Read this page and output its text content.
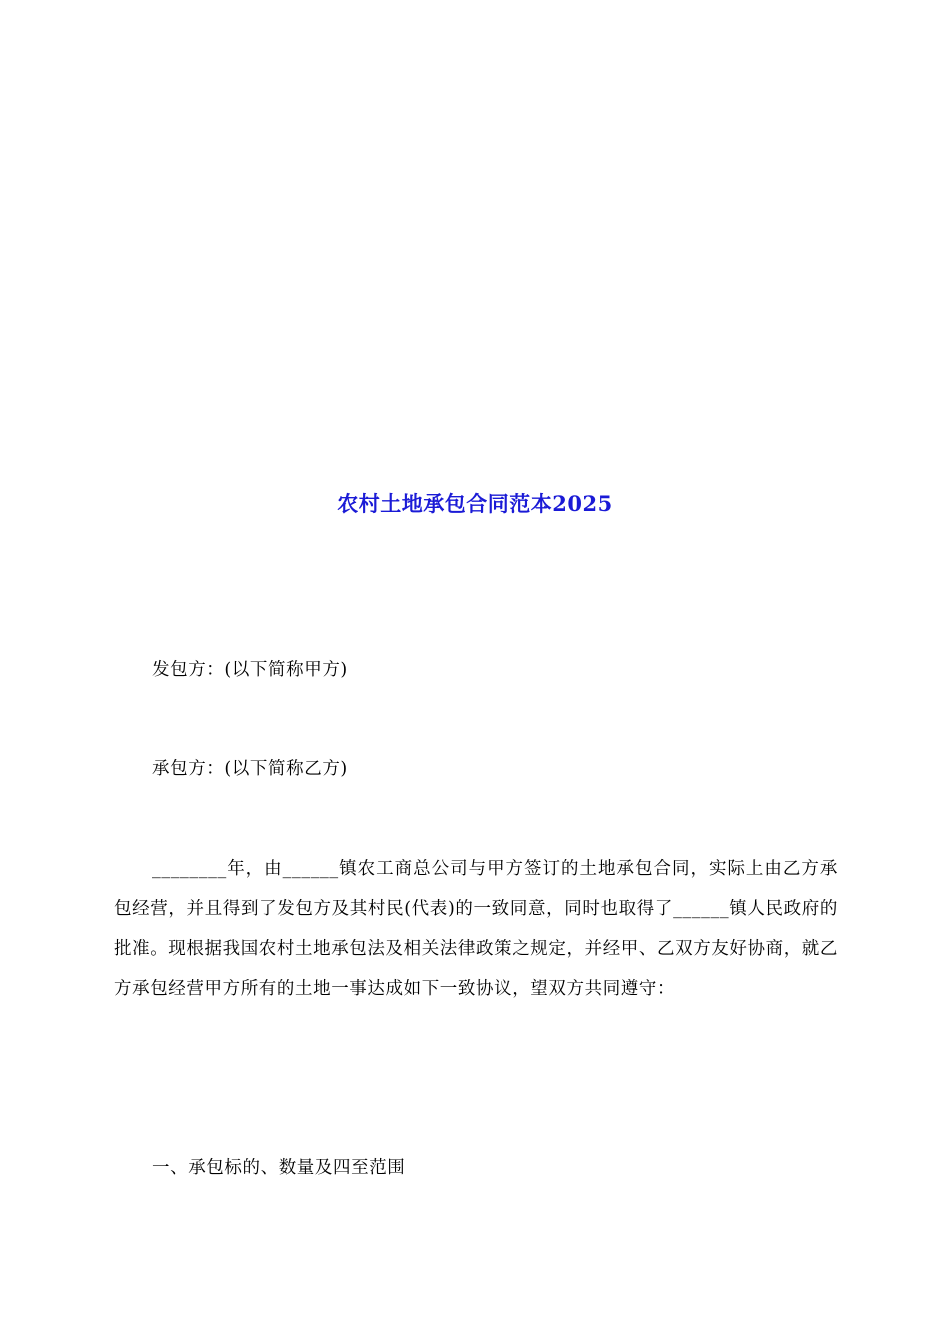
农村土地承包合同范本2025
发包方：(以下简称甲方)
承包方：(以下简称乙方)
________年，由______镇农工商总公司与甲方签订的土地承包合同，实际上由乙方承包经营，并且得到了发包方及其村民(代表)的一致同意，同时也取得了______镇人民政府的批准。现根据我国农村土地承包法及相关法律政策之规定，并经甲、乙双方友好协商，就乙方承包经营甲方所有的土地一事达成如下一致协议，望双方共同遵守：
一、承包标的、数量及四至范围
